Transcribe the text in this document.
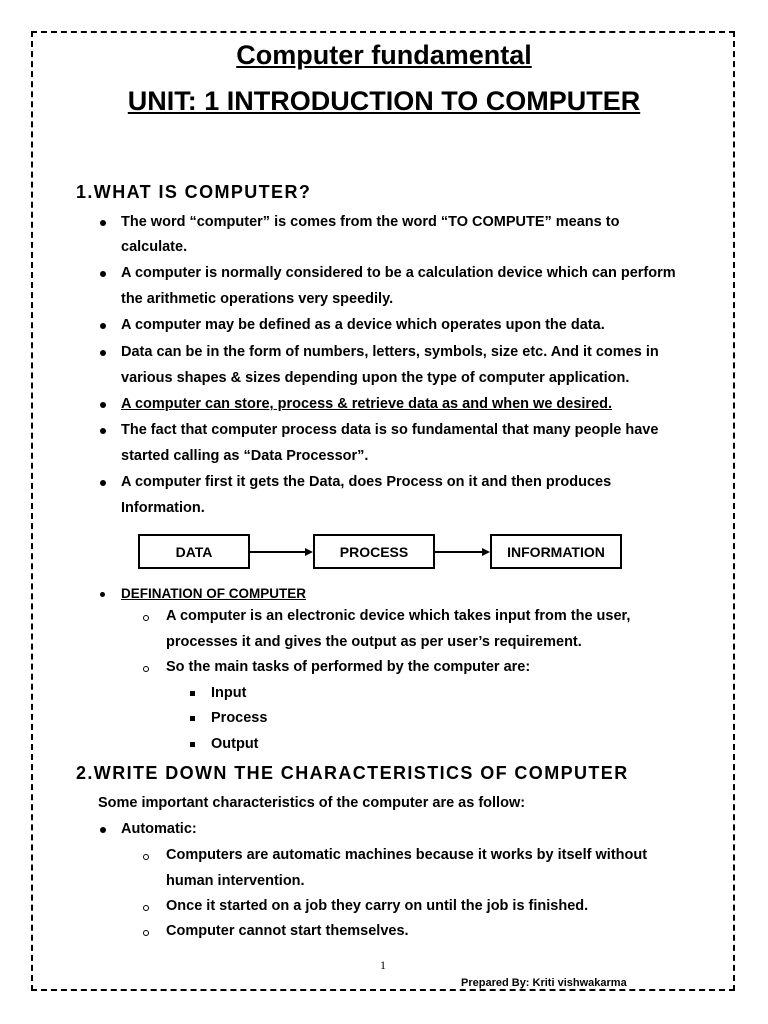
Computer fundamental
UNIT: 1 INTRODUCTION TO COMPUTER
1.WHAT IS COMPUTER?
The word “computer” is comes from the word “TO COMPUTE” means to
calculate.
A computer is normally considered to be a calculation device which can perform
the arithmetic operations very speedily.
A computer may be defined as a device which operates upon the data.
Data can be in the form of numbers, letters, symbols, size etc. And it comes in
various shapes & sizes depending upon the type of computer application.
A computer can store, process & retrieve data as and when we desired.
The fact that computer process data is so fundamental that many people have
started calling as “Data Processor”.
A computer first it gets the Data, does Process on it and then produces
Information.
DATA	PROCESS	INFORMATION
DEFINATION OF COMPUTER
A computer is an electronic device which takes input from the user,
processes it and gives the output as per user’s requirement.
So the main tasks of performed by the computer are:
Input
Process
Output
2.WRITE DOWN THE CHARACTERISTICS OF COMPUTER
Some important characteristics of the computer are as follow:
Automatic:
Computers are automatic machines because it works by itself without
human intervention.
Once it started on a job they carry on until the job is finished.
Computer cannot start themselves.
1
Prepared By: Kriti vishwakarma
